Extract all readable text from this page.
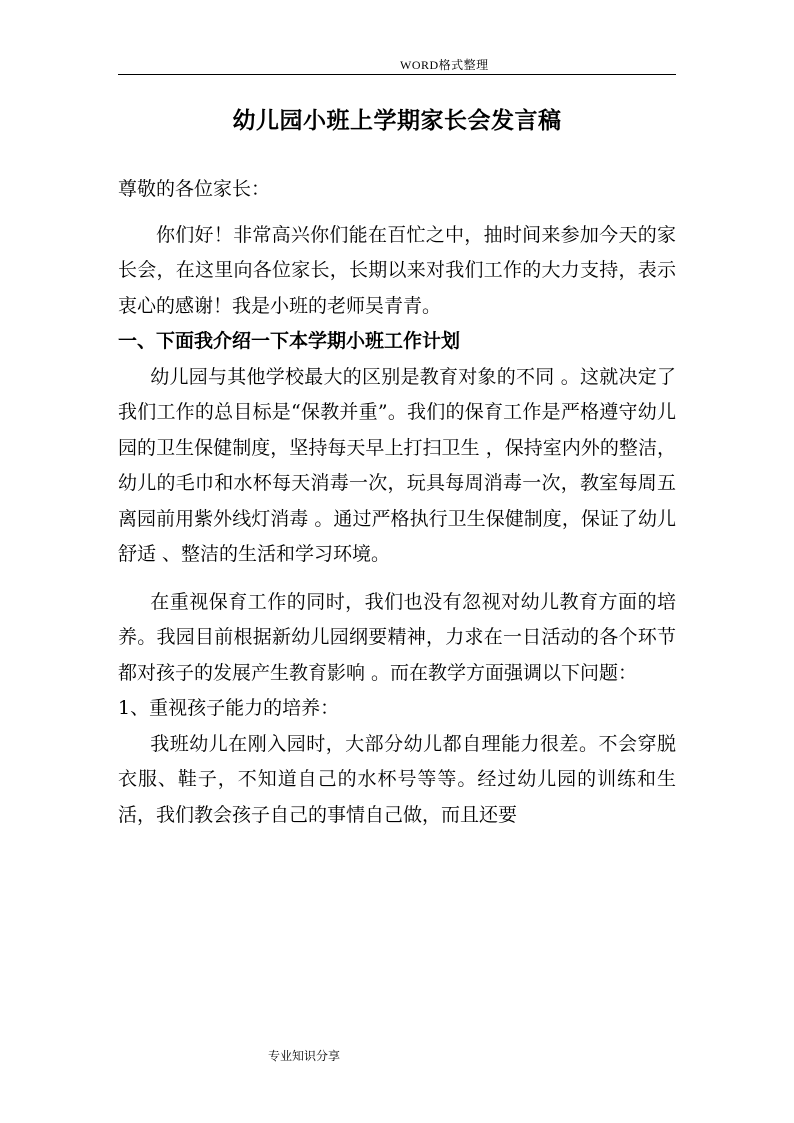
WORD格式整理
幼儿园小班上学期家长会发言稿

尊敬的各位家长：

你们好！非常高兴你们能在百忙之中，抽时间来参加今天的家长会，在这里向各位家长，长期以来对我们工作的大力支持，表示衷心的感谢！我是小班的老师吴青青。

一、下面我介绍一下本学期小班工作计划

幼儿园与其他学校最大的区别是教育对象的不同 。这就决定了我们工作的总目标是“保教并重”。我们的保育工作是严格遵守幼儿园的卫生保健制度，坚持每天早上打扫卫生 ，保持室内外的整洁，幼儿的毛巾和水杯每天消毒一次，玩具每周消毒一次，教室每周五离园前用紫外线灯消毒 。通过严格执行卫生保健制度，保证了幼儿舒适 、整洁的生活和学习环境。

在重视保育工作的同时，我们也没有忽视对幼儿教育方面的培养。我园目前根据新幼儿园纲要精神，力求在一日活动的各个环节都对孩子的发展产生教育影响 。而在教学方面强调以下问题：

1、重视孩子能力的培养：

我班幼儿在刚入园时，大部分幼儿都自理能力很差。不会穿脱衣服、鞋子，不知道自己的水杯号等等。经过幼儿园的训练和生活，我们教会孩子自己的事情自己做，而且还要

专业知识分享
